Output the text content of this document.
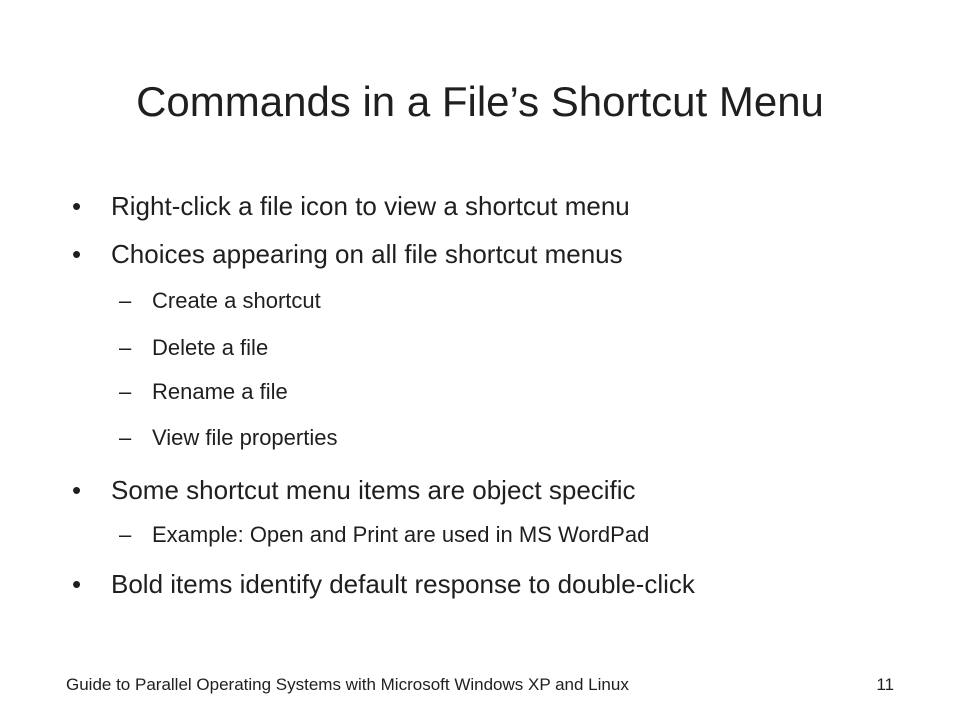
Commands in a File’s Shortcut Menu
•	Right-click a file icon to view a shortcut menu
•	Choices appearing on all file shortcut menus
– Create a shortcut
– Delete a file
– Rename a file
– View file properties
•	Some shortcut menu items are object specific
– Example: Open and Print are used in MS WordPad
•	Bold items identify default response to double-click
Guide to Parallel Operating Systems with Microsoft Windows XP and Linux	11
